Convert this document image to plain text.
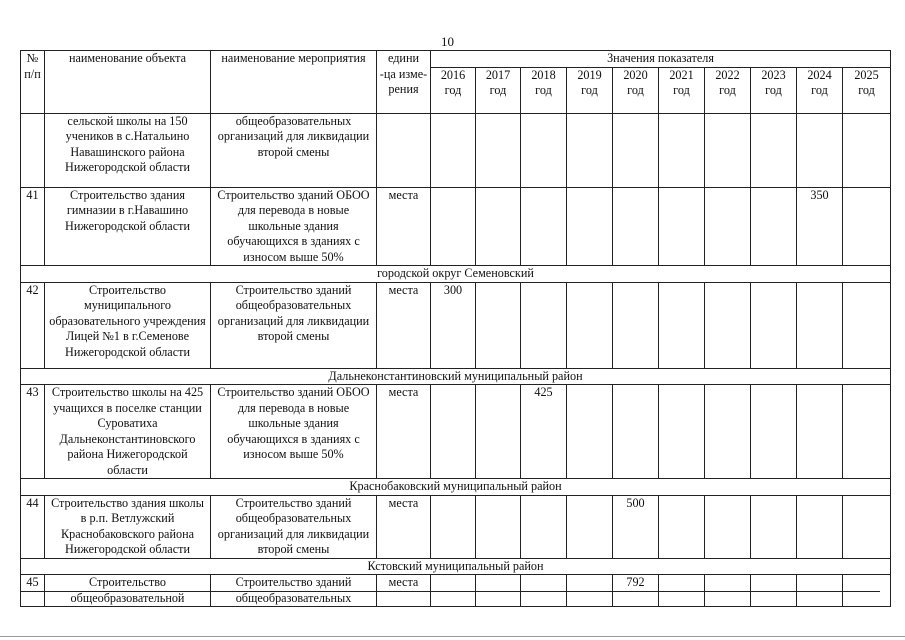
10
№ п/п	наименование объекта	наименование мероприятия	едини -ца изме- рения	Значения показателя									
				2016 год	2017 год	2018 год	2019 год	2020 год	2021 год	2022 год	2023 год	2024 год	2025 год
	сельской школы на 150 учеников в с.Натальино Навашинского района Нижегородской области	общеобразовательных организаций для ликвидации второй смены											
41	Строительство здания гимназии в г.Навашино Нижегородской области	Строительство зданий ОБОО для перевода в новые школьные здания обучающихся в зданиях с износом выше 50%	места									350	
городской округ Семеновский													
42	Строительство муниципального образовательного учреждения Лицей №1 в г.Семенове Нижегородской области	Строительство зданий общеобразовательных организаций для ликвидации второй смены	места	300									
Дальнеконстантиновский муниципальный район													
43	Строительство школы на 425 учащихся в поселке станции Суроватиха Дальнеконстантиновского района Нижегородской области	Строительство зданий ОБОО для перевода в новые школьные здания обучающихся в зданиях с износом выше 50%	места			425							
Краснобаковский муниципальный район													
44	Строительство здания школы в р.п. Ветлужский Краснобаковского района Нижегородской области	Строительство зданий общеобразовательных организаций для ликвидации второй смены	места					500					
Кстовский муниципальный район													
45	Строительство общеобразовательной	Строительство зданий общеобразовательных	места					792					
